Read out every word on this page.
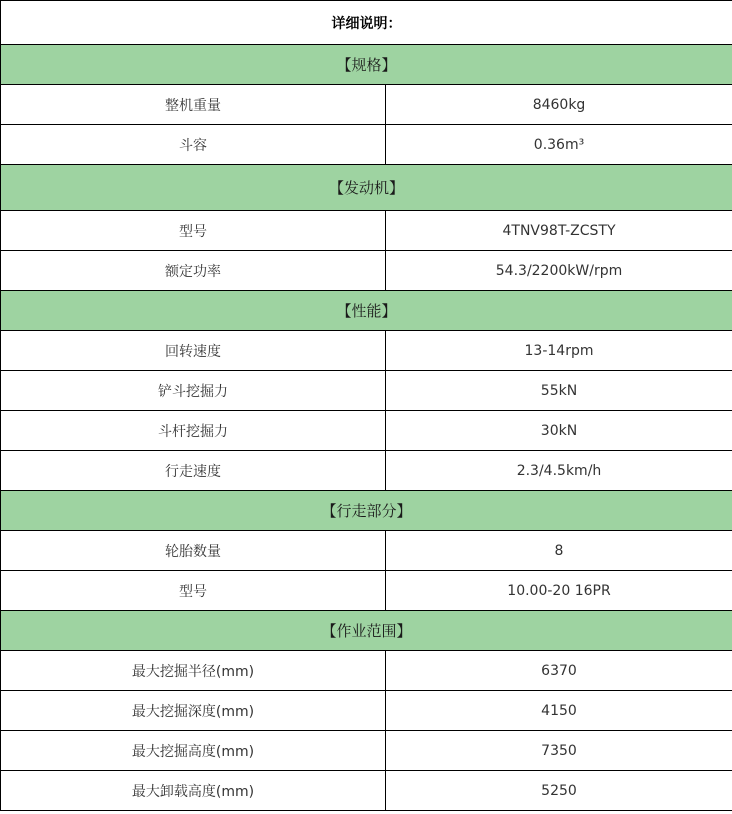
详细说明：	
【规格】	
整机重量	8460kg
斗容	0.36m³
【发动机】	
型号	4TNV98T-ZCSTY
额定功率	54.3/2200kW/rpm
【性能】	
回转速度	13-14rpm
铲斗挖掘力	55kN
斗杆挖掘力	30kN
行走速度	2.3/4.5km/h
【行走部分】	
轮胎数量	8
型号	10.00-20 16PR
【作业范围】	
最大挖掘半径(mm)	6370
最大挖掘深度(mm)	4150
最大挖掘高度(mm)	7350
最大卸载高度(mm)	5250
